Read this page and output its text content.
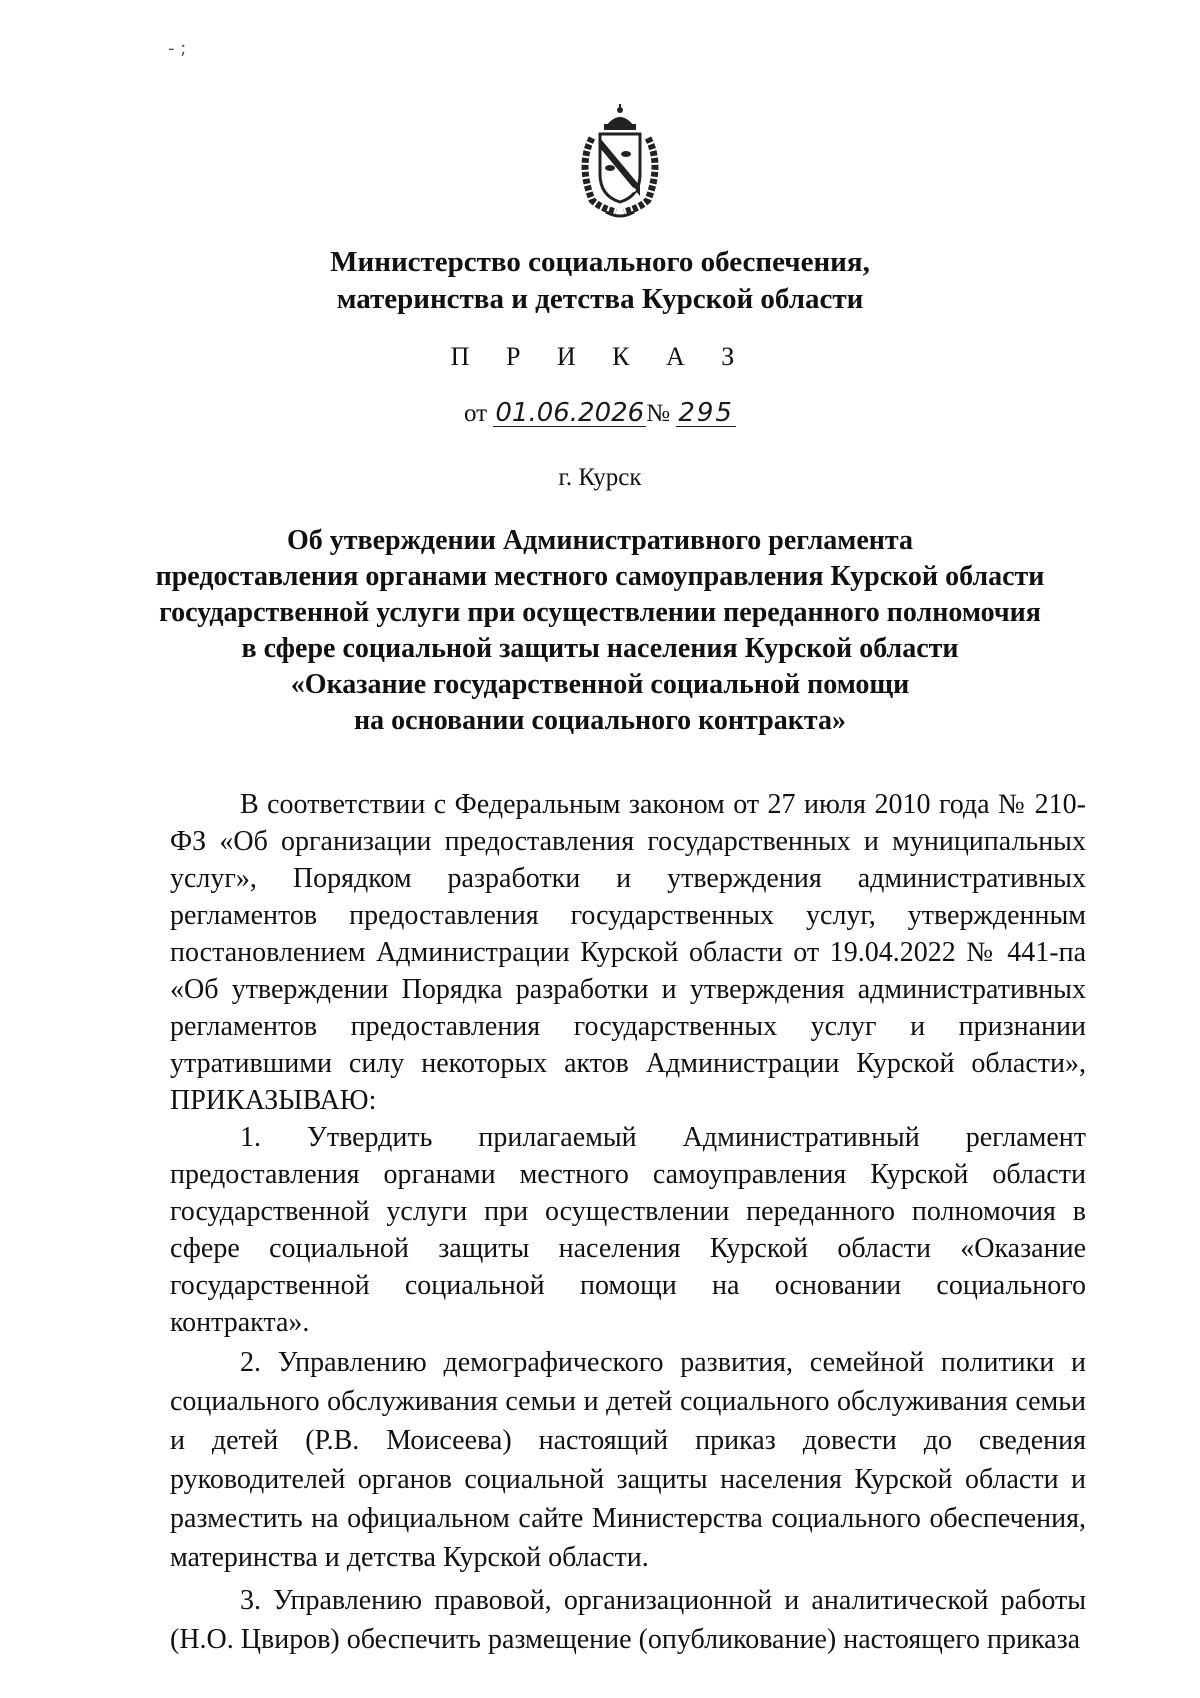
- ;
Министерство социального обеспечения,
материнства и детства Курской области
П Р И К А З
от 01.06.2026№ 295
г. Курск
Об утверждении Административного регламента
предоставления органами местного самоуправления Курской области
государственной услуги при осуществлении переданного полномочия
в сфере социальной защиты населения Курской области
«Оказание государственной социальной помощи
на основании социального контракта»

В соответствии с Федеральным законом от 27 июля 2010 года № 210-ФЗ «Об организации предоставления государственных и муниципальных услуг», Порядком разработки и утверждения административных регламентов предоставления государственных услуг, утвержденным постановлением Администрации Курской области от 19.04.2022 № 441-па «Об утверждении Порядка разработки и утверждения административных регламентов предоставления государственных услуг и признании утратившими силу некоторых актов Администрации Курской области», ПРИКАЗЫВАЮ:

1. Утвердить прилагаемый Административный регламент предоставления органами местного самоуправления Курской области государственной услуги при осуществлении переданного полномочия в сфере социальной защиты населения Курской области «Оказание государственной социальной помощи на основании социального контракта».

2. Управлению демографического развития, семейной политики и социального обслуживания семьи и детей социального обслуживания семьи и детей (Р.В. Моисеева) настоящий приказ довести до сведения руководителей органов социальной защиты населения Курской области и разместить на официальном сайте Министерства социального обеспечения, материнства и детства Курской области.

3. Управлению правовой, организационной и аналитической работы (Н.О. Цвиров) обеспечить размещение (опубликование) настоящего приказа
